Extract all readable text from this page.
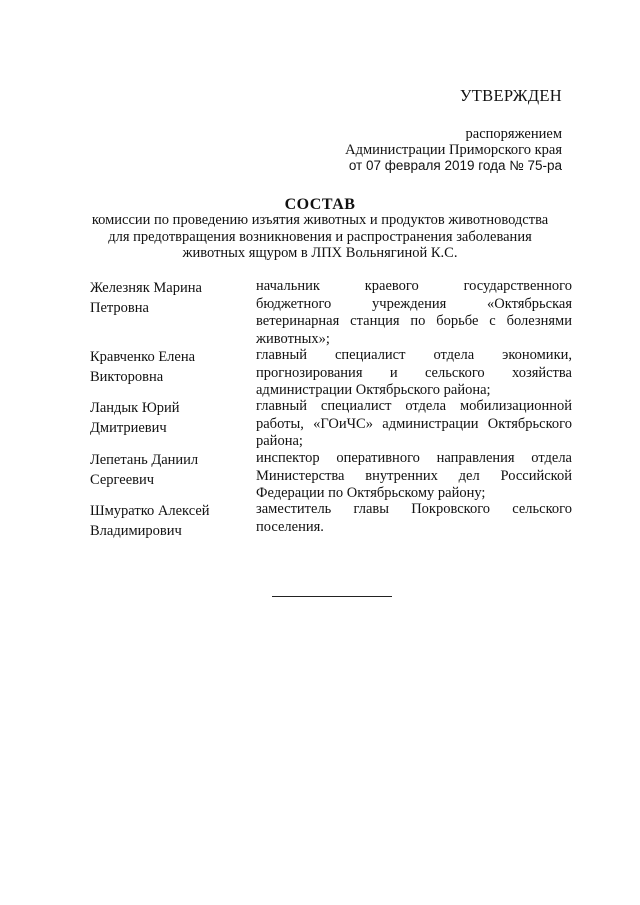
УТВЕРЖДЕН
распоряжением
Администрации Приморского края
от 07 февраля 2019 года № 75-ра
СОСТАВ
комиссии по проведению изъятия животных и продуктов животноводства
для предотвращения возникновения и распространения заболевания
животных ящуром в ЛПХ Вольнягиной К.С.
Железняк Марина
Петровна
начальник краевого государственного
бюджетного учреждения «Октябрьская
ветеринарная станция по борьбе с болезнями
животных»;
Кравченко Елена
Викторовна
главный специалист отдела экономики,
прогнозирования и сельского хозяйства
администрации Октябрьского района;
Ландык Юрий
Дмитриевич
главный специалист отдела мобилизационной
работы, «ГОиЧС» администрации Октябрьского
района;
Лепетань Даниил
Сергеевич
инспектор оперативного направления отдела
Министерства внутренних дел Российской
Федерации по Октябрьскому району;
Шмуратко Алексей
Владимирович
заместитель главы Покровского сельского
поселения.
